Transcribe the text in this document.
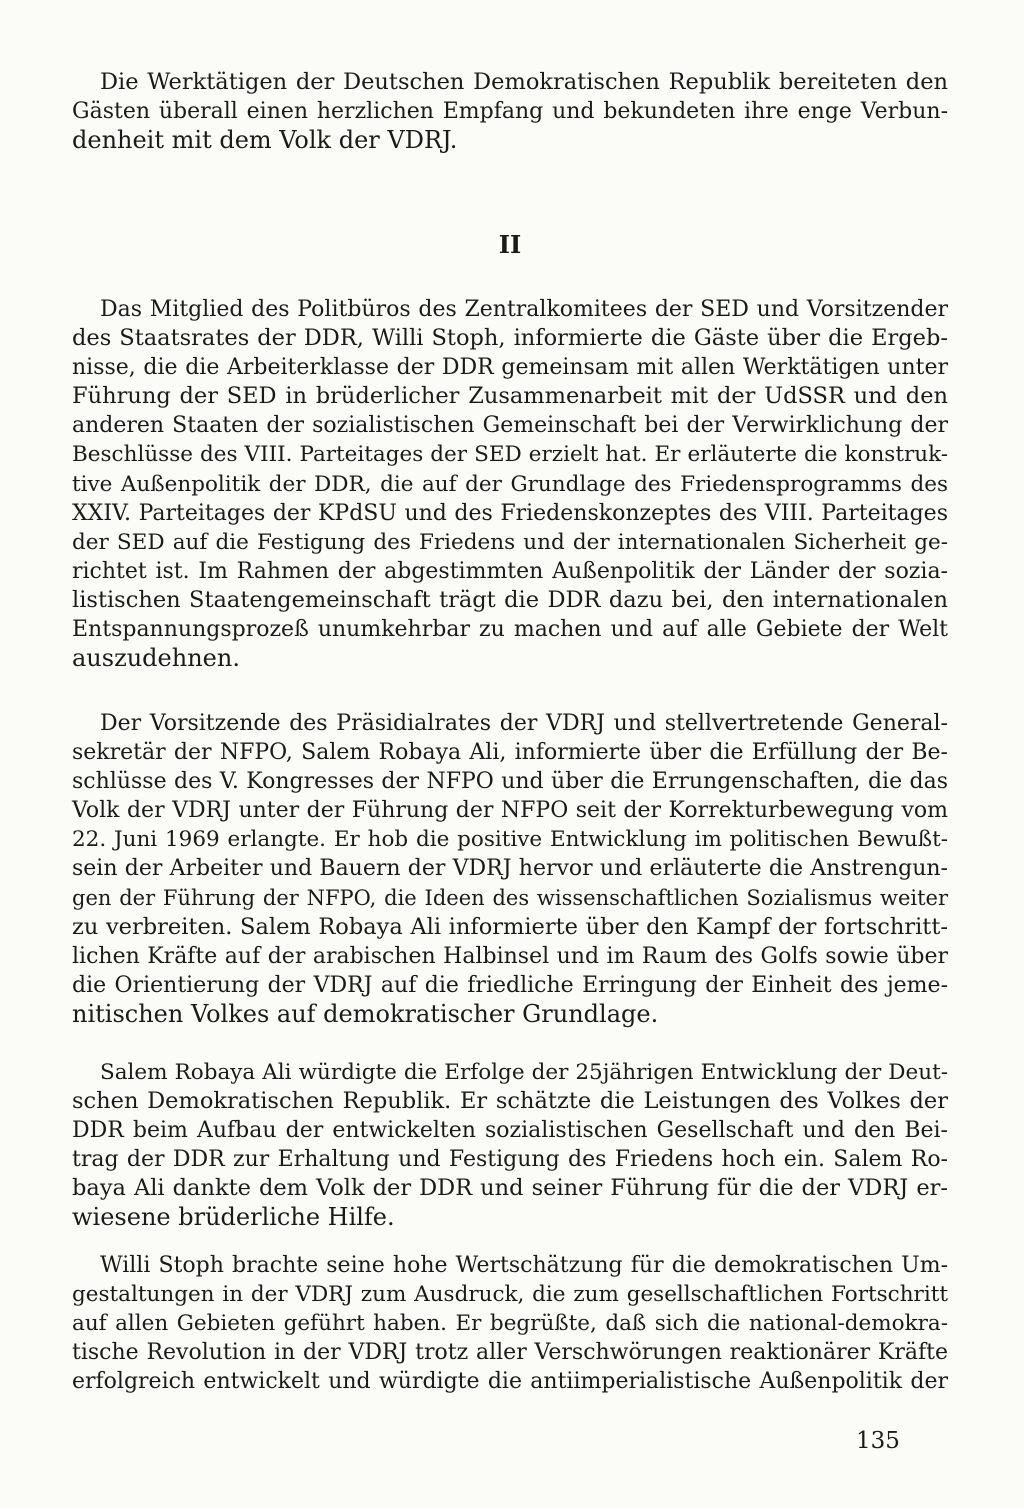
Die Werktätigen der Deutschen Demokratischen Republik bereiteten den
Gästen überall einen herzlichen Empfang und bekundeten ihre enge Verbun-
denheit mit dem Volk der VDRJ.
II
Das Mitglied des Politbüros des Zentralkomitees der SED und Vorsitzender
des Staatsrates der DDR, Willi Stoph, informierte die Gäste über die Ergeb-
nisse, die die Arbeiterklasse der DDR gemeinsam mit allen Werktätigen unter
Führung der SED in brüderlicher Zusammenarbeit mit der UdSSR und den
anderen Staaten der sozialistischen Gemeinschaft bei der Verwirklichung der
Beschlüsse des VIII. Parteitages der SED erzielt hat. Er erläuterte die konstruk-
tive Außenpolitik der DDR, die auf der Grundlage des Friedensprogramms des
XXIV. Parteitages der KPdSU und des Friedenskonzeptes des VIII. Parteitages
der SED auf die Festigung des Friedens und der internationalen Sicherheit ge-
richtet ist. Im Rahmen der abgestimmten Außenpolitik der Länder der sozia-
listischen Staatengemeinschaft trägt die DDR dazu bei, den internationalen
Entspannungsprozeß unumkehrbar zu machen und auf alle Gebiete der Welt
auszudehnen.
Der Vorsitzende des Präsidialrates der VDRJ und stellvertretende General-
sekretär der NFPO, Salem Robaya Ali, informierte über die Erfüllung der Be-
schlüsse des V. Kongresses der NFPO und über die Errungenschaften, die das
Volk der VDRJ unter der Führung der NFPO seit der Korrekturbewegung vom
22. Juni 1969 erlangte. Er hob die positive Entwicklung im politischen Bewußt-
sein der Arbeiter und Bauern der VDRJ hervor und erläuterte die Anstrengun-
gen der Führung der NFPO, die Ideen des wissenschaftlichen Sozialismus weiter
zu verbreiten. Salem Robaya Ali informierte über den Kampf der fortschritt-
lichen Kräfte auf der arabischen Halbinsel und im Raum des Golfs sowie über
die Orientierung der VDRJ auf die friedliche Erringung der Einheit des jeme-
nitischen Volkes auf demokratischer Grundlage.
Salem Robaya Ali würdigte die Erfolge der 25jährigen Entwicklung der Deut-
schen Demokratischen Republik. Er schätzte die Leistungen des Volkes der
DDR beim Aufbau der entwickelten sozialistischen Gesellschaft und den Bei-
trag der DDR zur Erhaltung und Festigung des Friedens hoch ein. Salem Ro-
baya Ali dankte dem Volk der DDR und seiner Führung für die der VDRJ er-
wiesene brüderliche Hilfe.
Willi Stoph brachte seine hohe Wertschätzung für die demokratischen Um-
gestaltungen in der VDRJ zum Ausdruck, die zum gesellschaftlichen Fortschritt
auf allen Gebieten geführt haben. Er begrüßte, daß sich die national-demokra-
tische Revolution in der VDRJ trotz aller Verschwörungen reaktionärer Kräfte
erfolgreich entwickelt und würdigte die antiimperialistische Außenpolitik der
135
